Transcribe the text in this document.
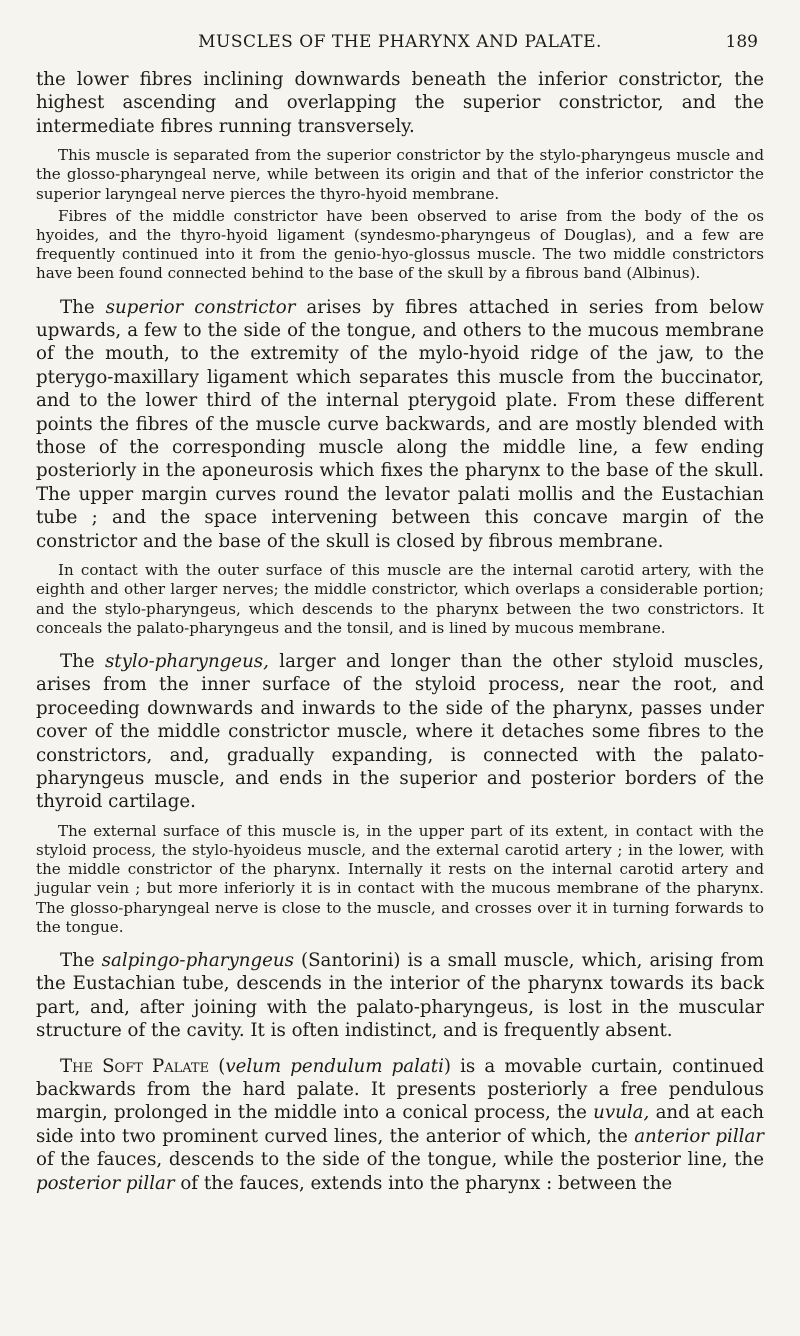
MUSCLES OF THE PHARYNX AND PALATE.	189

the lower fibres inclining downwards beneath the inferior constrictor, the highest ascending and overlapping the superior constrictor, and the intermediate fibres running transversely.

This muscle is separated from the superior constrictor by the stylo-pharyngeus muscle and the glosso-pharyngeal nerve, while between its origin and that of the inferior constrictor the superior laryngeal nerve pierces the thyro-hyoid membrane.

Fibres of the middle constrictor have been observed to arise from the body of the os hyoides, and the thyro-hyoid ligament (syndesmo-pharyngeus of Douglas), and a few are frequently continued into it from the genio-hyo-glossus muscle. The two middle constrictors have been found connected behind to the base of the skull by a fibrous band (Albinus).

The superior constrictor arises by fibres attached in series from below upwards, a few to the side of the tongue, and others to the mucous membrane of the mouth, to the extremity of the mylo-hyoid ridge of the jaw, to the pterygo-maxillary ligament which separates this muscle from the buccinator, and to the lower third of the internal pterygoid plate. From these different points the fibres of the muscle curve backwards, and are mostly blended with those of the corresponding muscle along the middle line, a few ending posteriorly in the aponeurosis which fixes the pharynx to the base of the skull. The upper margin curves round the levator palati mollis and the Eustachian tube ; and the space intervening between this concave margin of the constrictor and the base of the skull is closed by fibrous membrane.

In contact with the outer surface of this muscle are the internal carotid artery, with the eighth and other larger nerves; the middle constrictor, which overlaps a considerable portion; and the stylo-pharyngeus, which descends to the pharynx between the two constrictors. It conceals the palato-pharyngeus and the tonsil, and is lined by mucous membrane.

The stylo-pharyngeus, larger and longer than the other styloid muscles, arises from the inner surface of the styloid process, near the root, and proceeding downwards and inwards to the side of the pharynx, passes under cover of the middle constrictor muscle, where it detaches some fibres to the constrictors, and, gradually expanding, is connected with the palato-pharyngeus muscle, and ends in the superior and posterior borders of the thyroid cartilage.

The external surface of this muscle is, in the upper part of its extent, in contact with the styloid process, the stylo-hyoideus muscle, and the external carotid artery ; in the lower, with the middle constrictor of the pharynx. Internally it rests on the internal carotid artery and jugular vein ; but more inferiorly it is in contact with the mucous membrane of the pharynx. The glosso-pharyngeal nerve is close to the muscle, and crosses over it in turning forwards to the tongue.

The salpingo-pharyngeus (Santorini) is a small muscle, which, arising from the Eustachian tube, descends in the interior of the pharynx towards its back part, and, after joining with the palato-pharyngeus, is lost in the muscular structure of the cavity. It is often indistinct, and is frequently absent.

The Soft Palate (velum pendulum palati) is a movable curtain, continued backwards from the hard palate. It presents posteriorly a free pendulous margin, prolonged in the middle into a conical process, the uvula, and at each side into two prominent curved lines, the anterior of which, the anterior pillar of the fauces, descends to the side of the tongue, while the posterior line, the posterior pillar of the fauces, extends into the pharynx : between the
